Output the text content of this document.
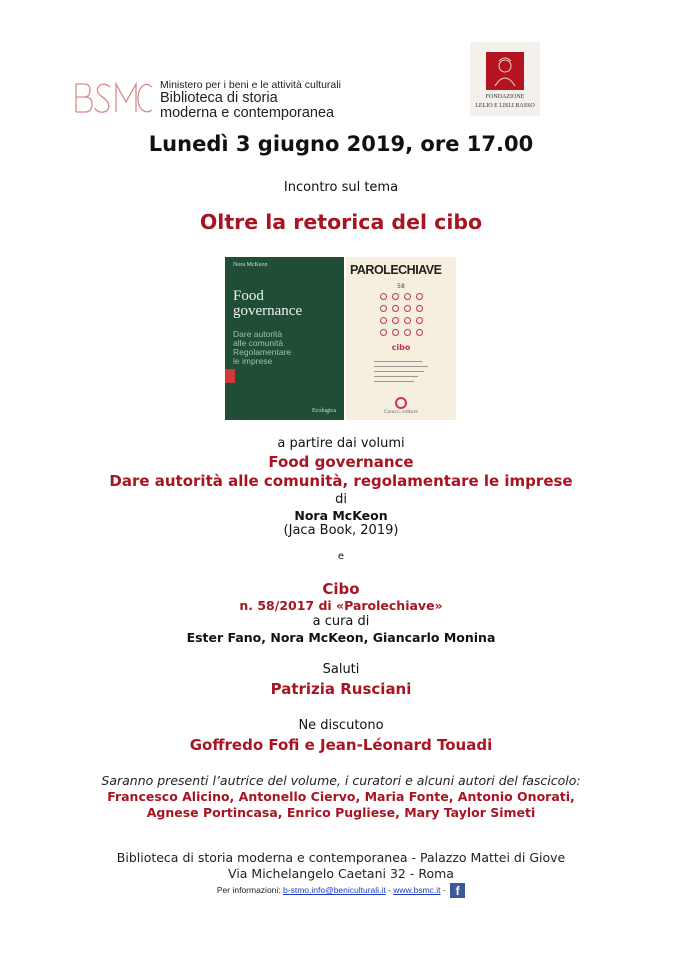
Ministero per i beni e le attività culturali
Biblioteca di storia
moderna e contemporanea
FONDAZIONE
LELIO E LISLI BASSO
Lunedì 3 giugno 2019, ore 17.00
Incontro sul tema
Oltre la retorica del cibo
Nora McKeon
Food
governance
Dare autorità
alle comunità
Regolamentare
le imprese
Ecologica
PAROLECHIAVE
58
cibo
Carocci editore
a partire dai volumi
Food governance
Dare autorità alle comunità, regolamentare le imprese
di
Nora McKeon
(Jaca Book, 2019)
e
Cibo
n. 58/2017 di «Parolechiave»
a cura di
Ester Fano, Nora McKeon, Giancarlo Monina
Saluti
Patrizia Rusciani
Ne discutono
Goffredo Fofi e Jean-Léonard Touadi
Saranno presenti l’autrice del volume, i curatori e alcuni autori del fascicolo:
Francesco Alicino, Antonello Ciervo, Maria Fonte, Antonio Onorati,
Agnese Portincasa, Enrico Pugliese, Mary Taylor Simeti
Biblioteca di storia moderna e contemporanea - Palazzo Mattei di Giove
Via Michelangelo Caetani 32 - Roma
Per informazioni: b-stmo.info@beniculturali.it - www.bsmc.it - f
